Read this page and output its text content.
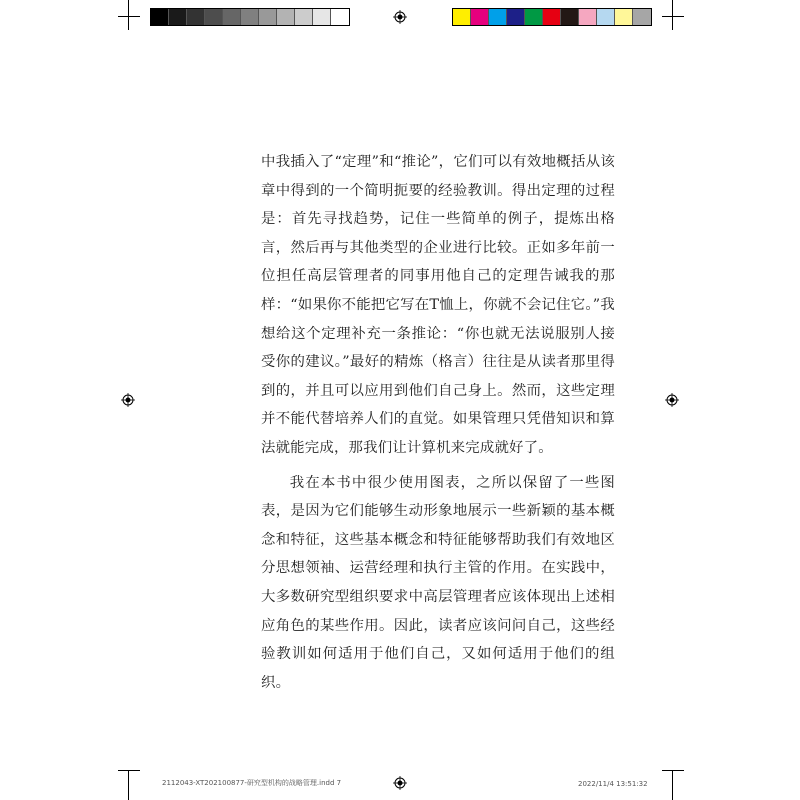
中我插入了“定理”和“推论”，它们可以有效地概括从该章中得到的一个简明扼要的经验教训。得出定理的过程是：首先寻找趋势，记住一些简单的例子，提炼出格言，然后再与其他类型的企业进行比较。正如多年前一位担任高层管理者的同事用他自己的定理告诫我的那样：“如果你不能把它写在T恤上，你就不会记住它。”我想给这个定理补充一条推论：“你也就无法说服别人接受你的建议。”最好的精炼（格言）往往是从读者那里得到的，并且可以应用到他们自己身上。然而，这些定理并不能代替培养人们的直觉。如果管理只凭借知识和算法就能完成，那我们让计算机来完成就好了。

我在本书中很少使用图表，之所以保留了一些图表，是因为它们能够生动形象地展示一些新颖的基本概念和特征，这些基本概念和特征能够帮助我们有效地区分思想领袖、运营经理和执行主管的作用。在实践中，大多数研究型组织要求中高层管理者应该体现出上述相应角色的某些作用。因此，读者应该问问自己，这些经验教训如何适用于他们自己，又如何适用于他们的组织。

2112043-XT202100877-研究型机构的战略管理.indd 7	2022/11/4 13:51:32
